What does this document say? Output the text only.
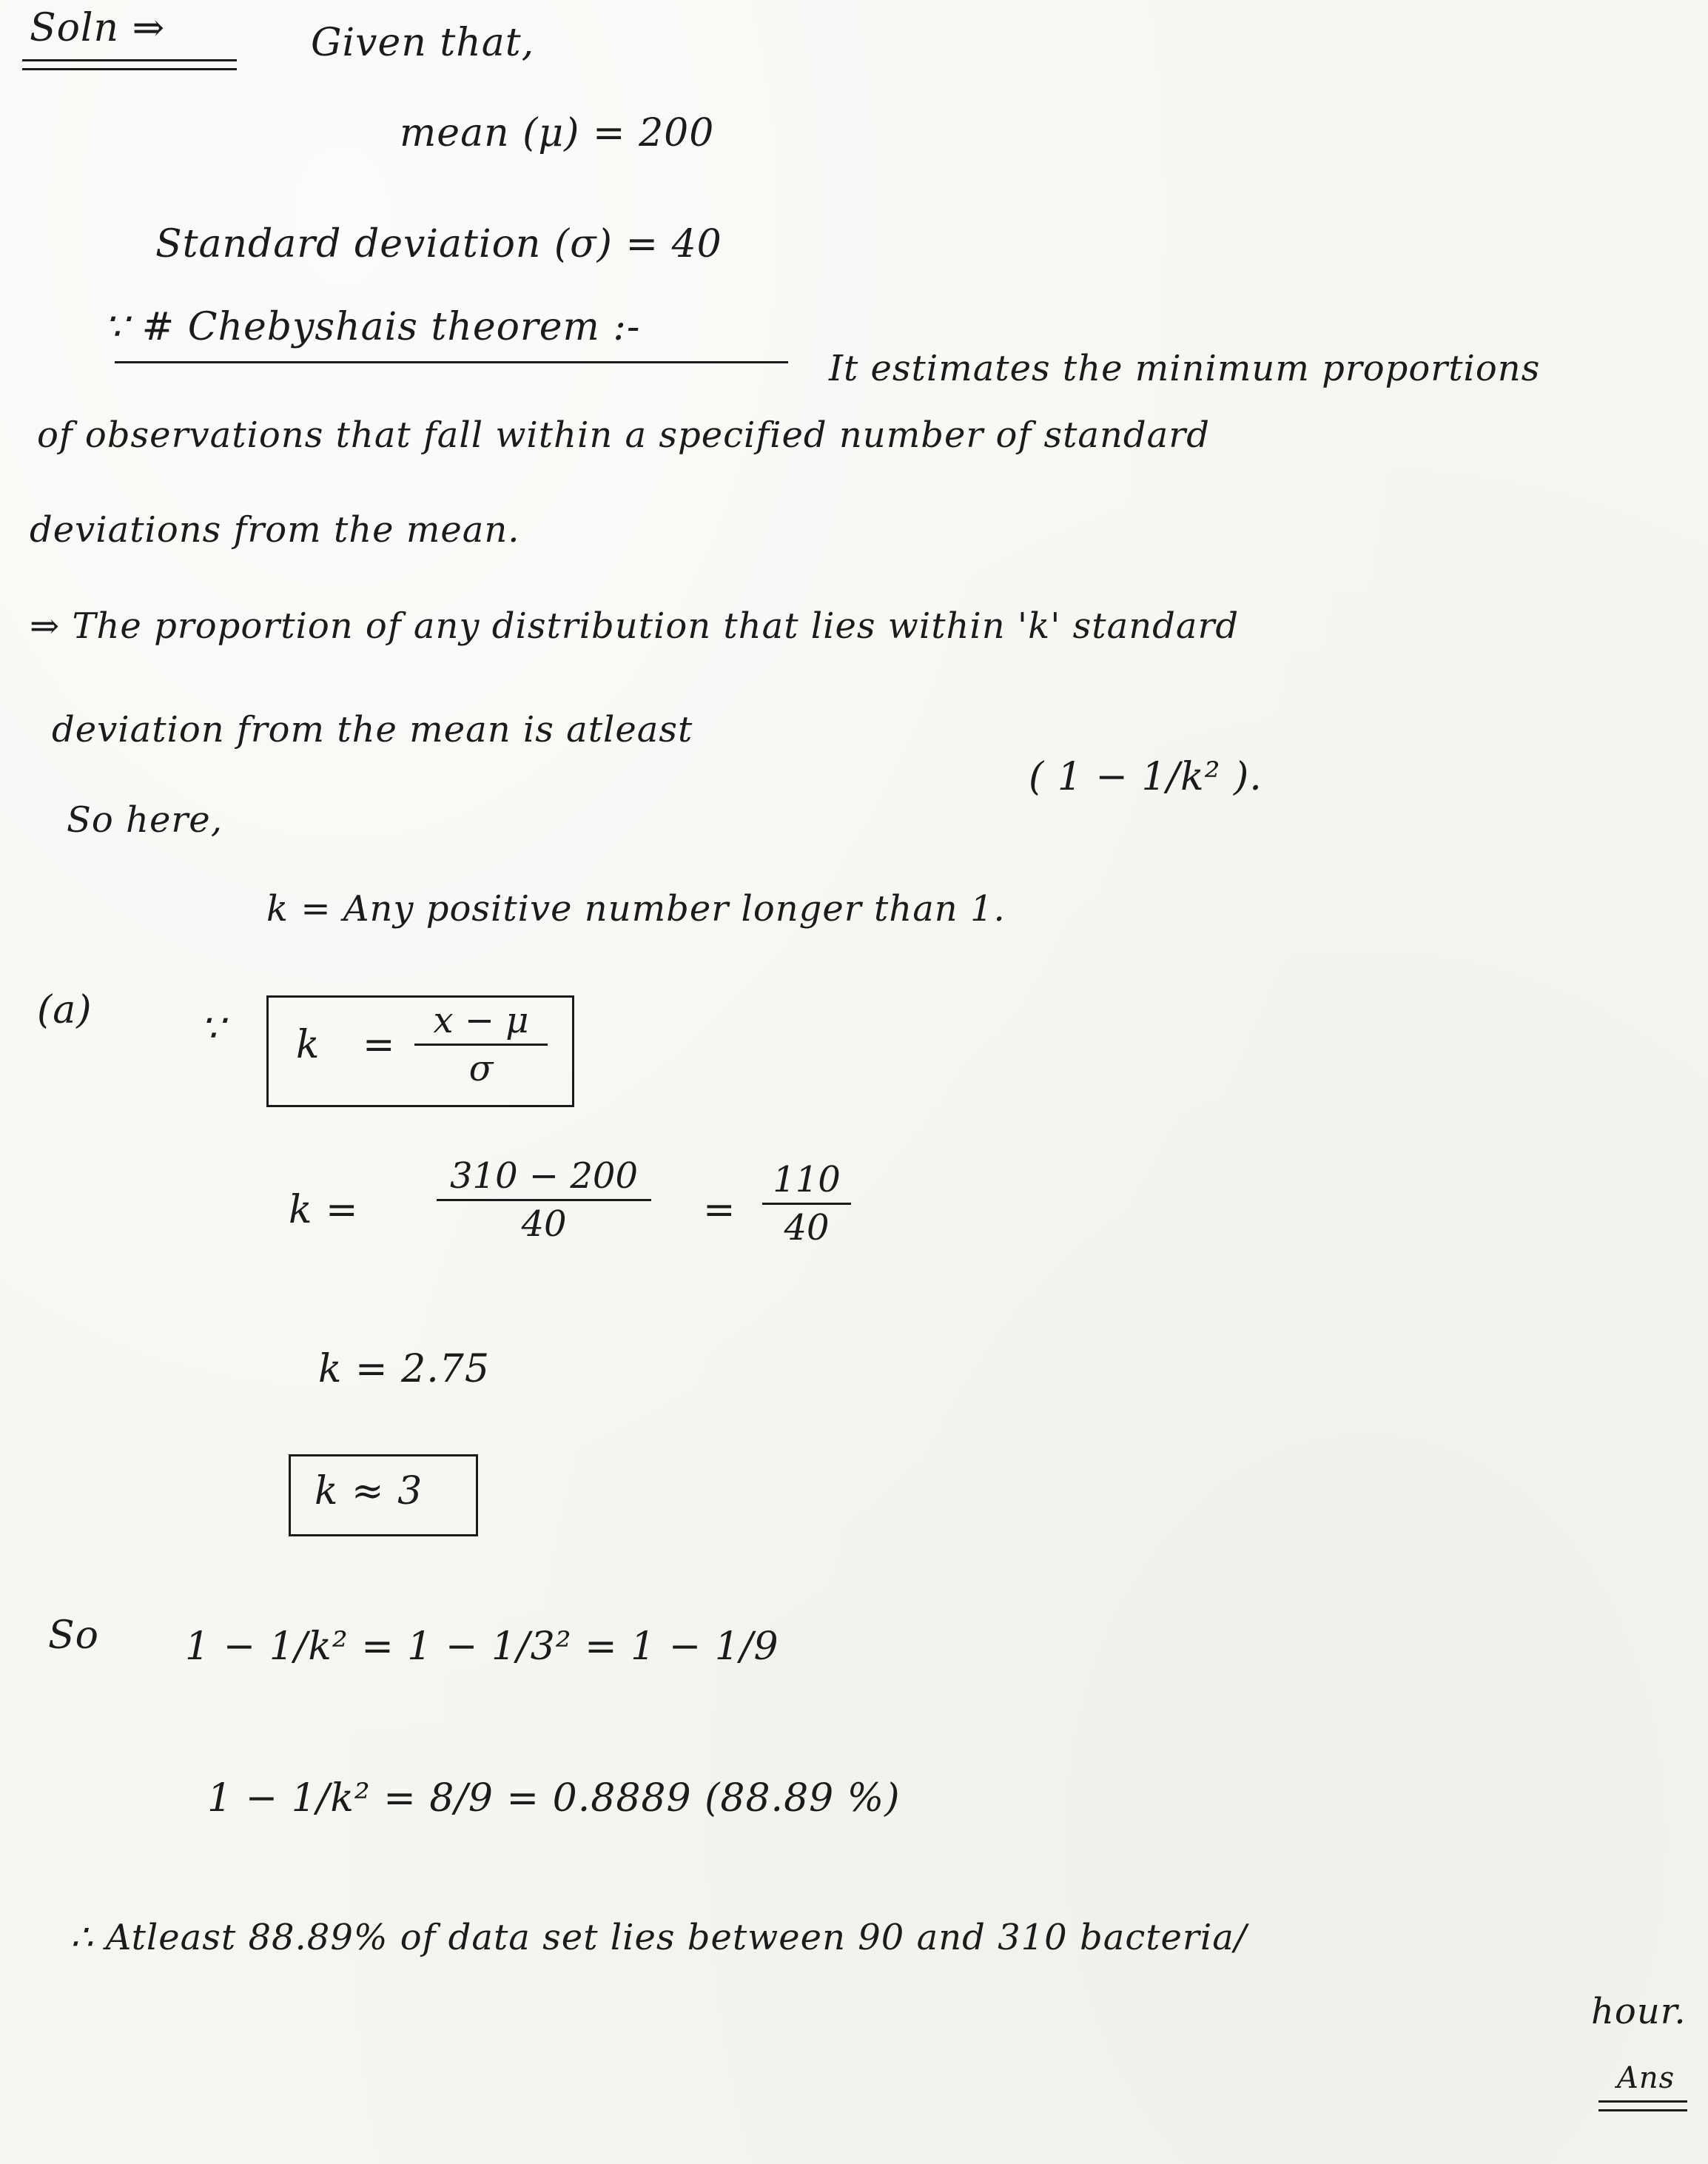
Soln ⇒	Given that,
mean (μ) = 200
Standard deviation (σ) = 40
∵ # Chebyshais theorem :-
It estimates the minimum proportions
of observations that fall within a specified number of standard
deviations from the mean.
⇒ The proportion of any distribution that lies within 'k' standard
deviation from the mean is atleast
( 1 − 1/k² ).
So here,
k = Any positive number longer than 1.
(a)	∵ k =
x − μ
σ
k =
310 − 200
40	=
110
40
k = 2.75
k ≈ 3
So 1 − 1/k² = 1 − 1/3² = 1 − 1/9
1 − 1/k² = 8/9 = 0.8889 (88.89 %)
∴ Atleast 88.89% of data set lies between 90 and 310 bacteria/
hour.
Ans
